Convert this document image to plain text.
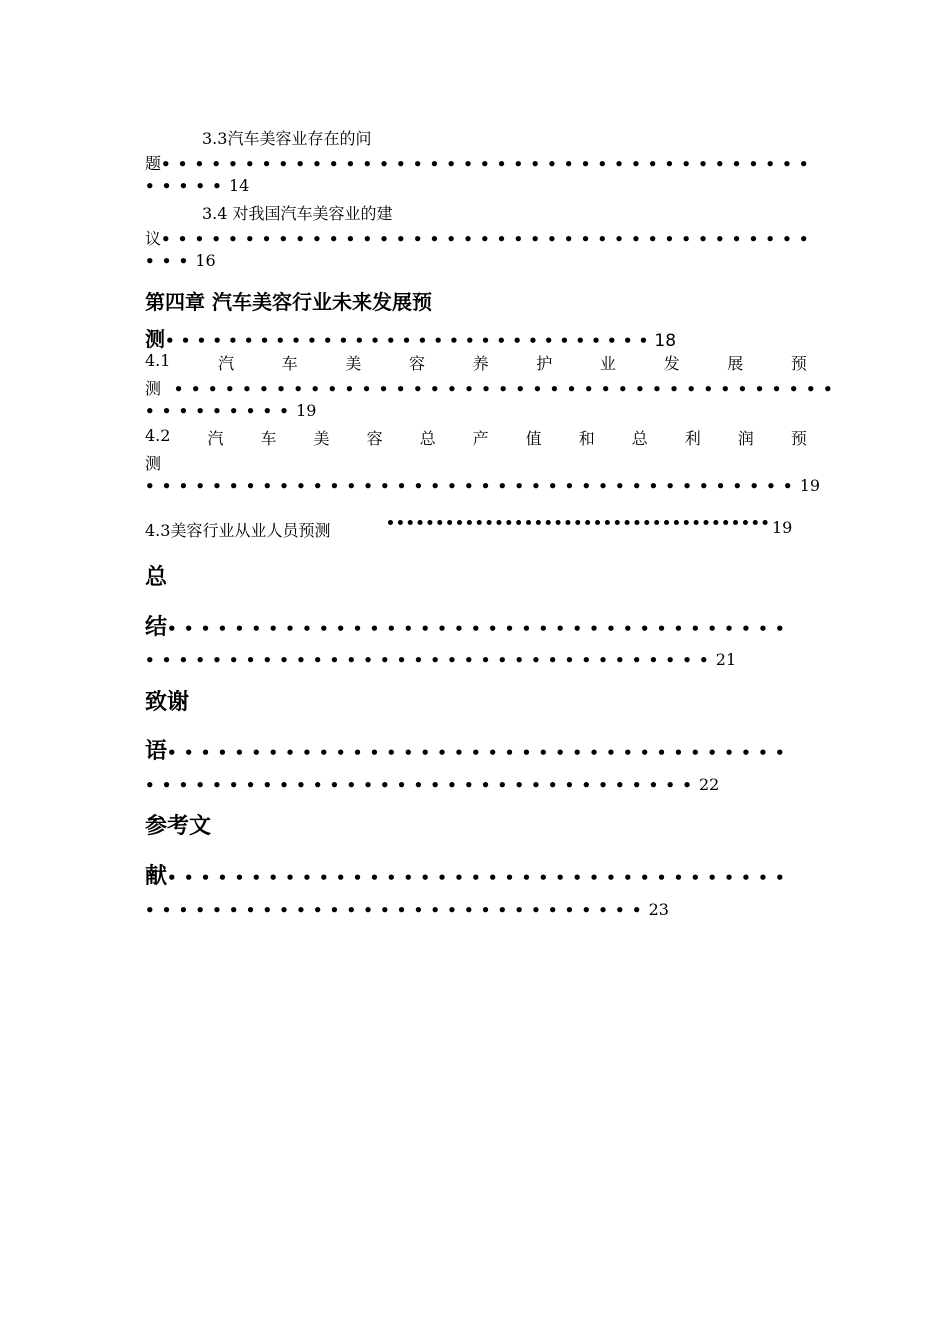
3.3汽车美容业存在的问
题•••••••••••••••••••••••••••••••••••••••
•••••14
3.4 对我国汽车美容业的建
议•••••••••••••••••••••••••••••••••••••••
•••16
第四章 汽车美容行业未来发展预
测•••••••••••••••••••••••••••••••18
4.1	汽	车	美	容	养	护	业	发	展	预
测 •••••••••••••••••••••••••••••••••••••••
•••••••••19
4.2 汽 车 美 容 总 产 值 和 总 利 润 预
测
•••••••••••••••••••••••••••••••••••••••19
4.3美容行业从业人员预测	19
总
结•••••••••••••••••••••••••••••••••••••
••••••••••••••••••••••••••••••••••21
致谢
语•••••••••••••••••••••••••••••••••••••
•••••••••••••••••••••••••••••••••22
参考文
献•••••••••••••••••••••••••••••••••••••
••••••••••••••••••••••••••••••23
